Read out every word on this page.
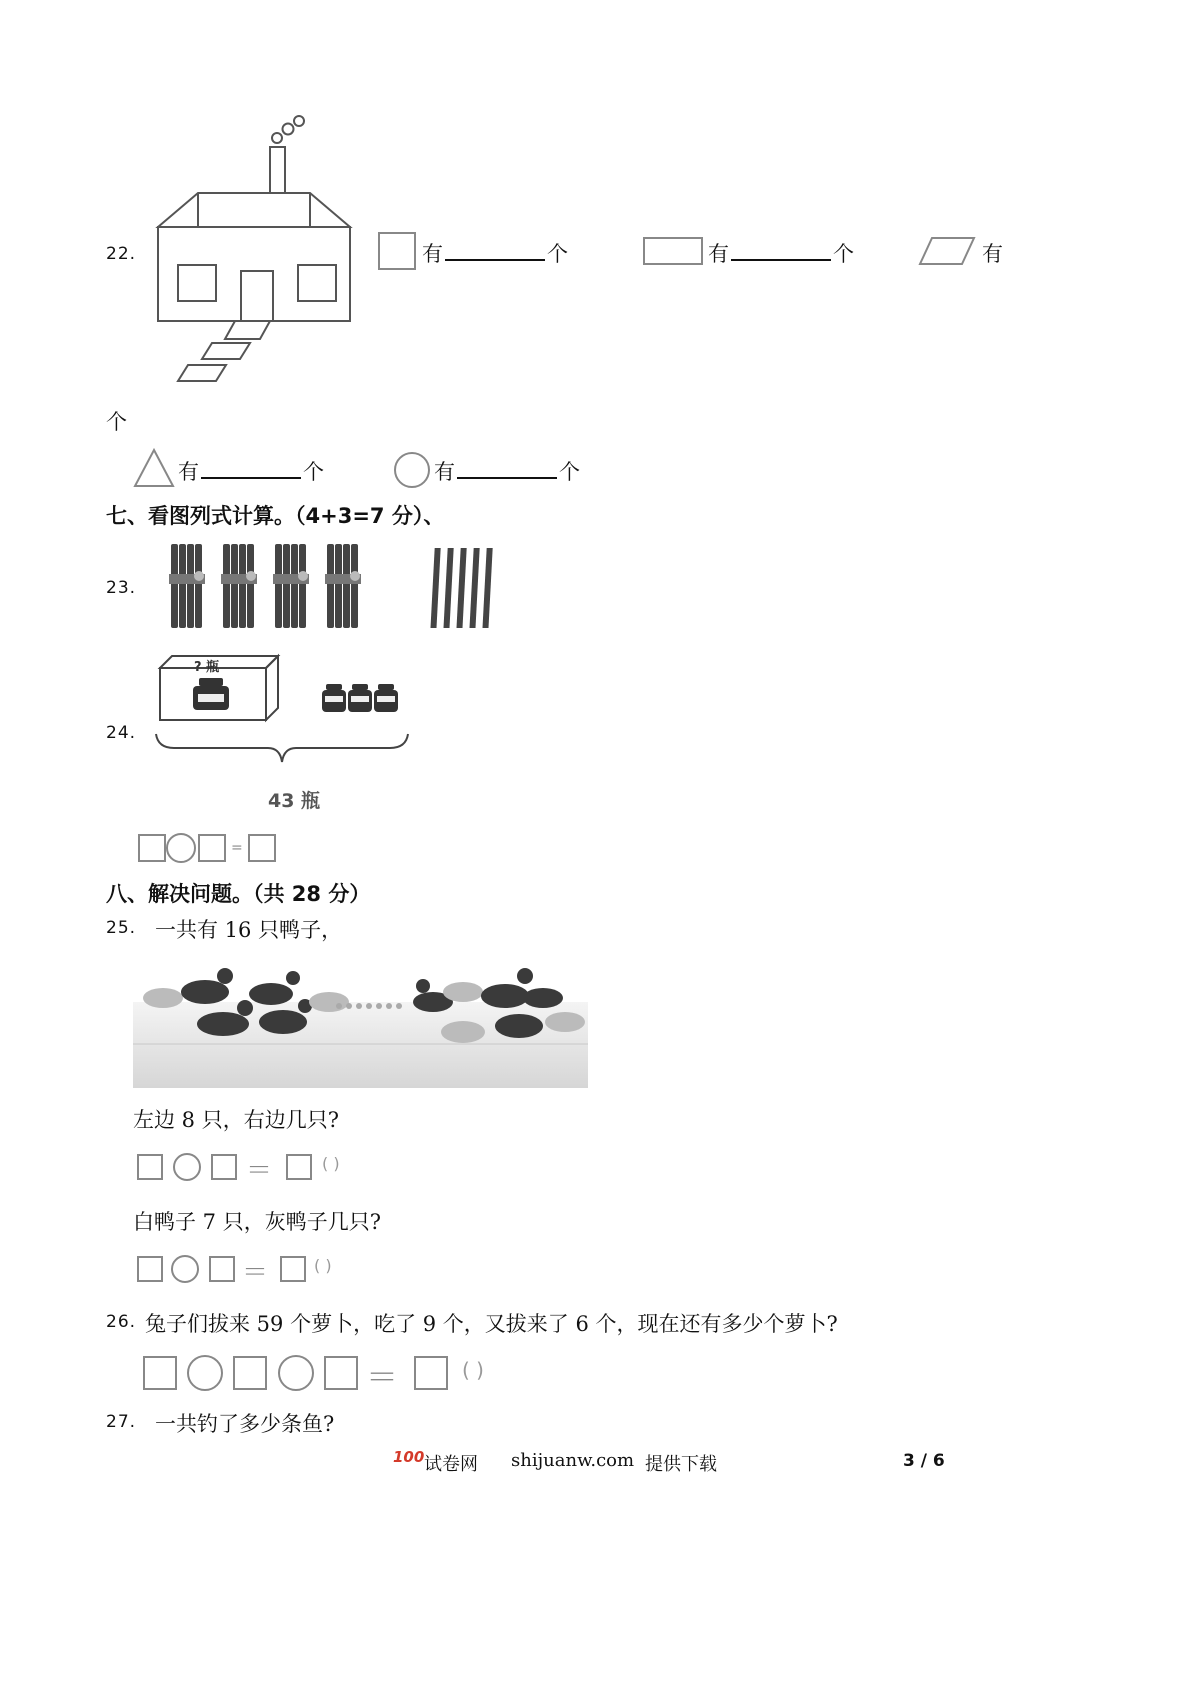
22.	有	个	有	个	有
个
有	个	有	个
七、看图列式计算。（4+3=7 分）、
23.
24.
? 瓶
43 瓶
=
八、解决问题。（共 28 分）
25. 一共有 16 只鸭子，
左边 8 只，右边几只?
＝	( )
白鸭子 7 只，灰鸭子几只?
＝	( )
26. 兔子们拔来 59 个萝卜，吃了 9 个，又拔来了 6 个，现在还有多少个萝卜?
＝	( )
27. 一共钓了多少条鱼?
100 试卷网 shijuanw.com 提供下载	3 / 6
